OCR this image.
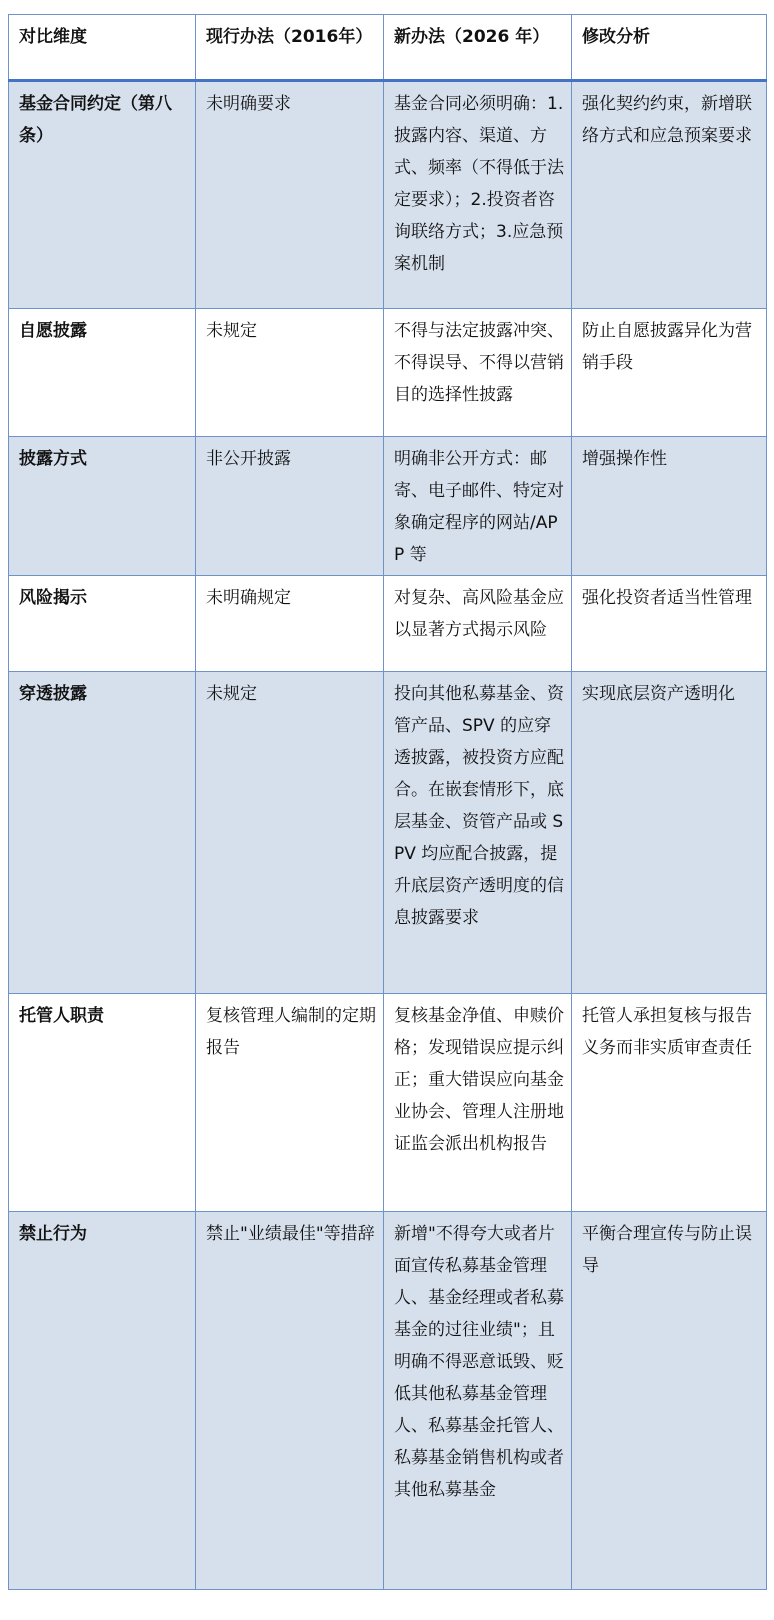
对比维度	现行办法（2016年）	新办法（2026 年）	修改分析
基金合同约定（第八条）	未明确要求	基金合同必须明确：1.披露内容、渠道、方式、频率（不得低于法定要求）；2.投资者咨询联络方式；3.应急预案机制	强化契约约束，新增联络方式和应急预案要求
自愿披露	未规定	不得与法定披露冲突、不得误导、不得以营销目的选择性披露	防止自愿披露异化为营销手段
披露方式	非公开披露	明确非公开方式：邮寄、电子邮件、特定对象确定程序的网站/APP 等	增强操作性
风险揭示	未明确规定	对复杂、高风险基金应以显著方式揭示风险	强化投资者适当性管理
穿透披露	未规定	投向其他私募基金、资管产品、SPV 的应穿透披露，被投资方应配合。在嵌套情形下，底层基金、资管产品或 SPV 均应配合披露，提升底层资产透明度的信息披露要求	实现底层资产透明化
托管人职责	复核管理人编制的定期报告	复核基金净值、申赎价格；发现错误应提示纠正；重大错误应向基金业协会、管理人注册地证监会派出机构报告	托管人承担复核与报告义务而非实质审查责任
禁止行为	禁止"业绩最佳"等措辞	新增"不得夸大或者片面宣传私募基金管理人、基金经理或者私募基金的过往业绩"；且明确不得恶意诋毁、贬低其他私募基金管理人、私募基金托管人、私募基金销售机构或者其他私募基金	平衡合理宣传与防止误导
